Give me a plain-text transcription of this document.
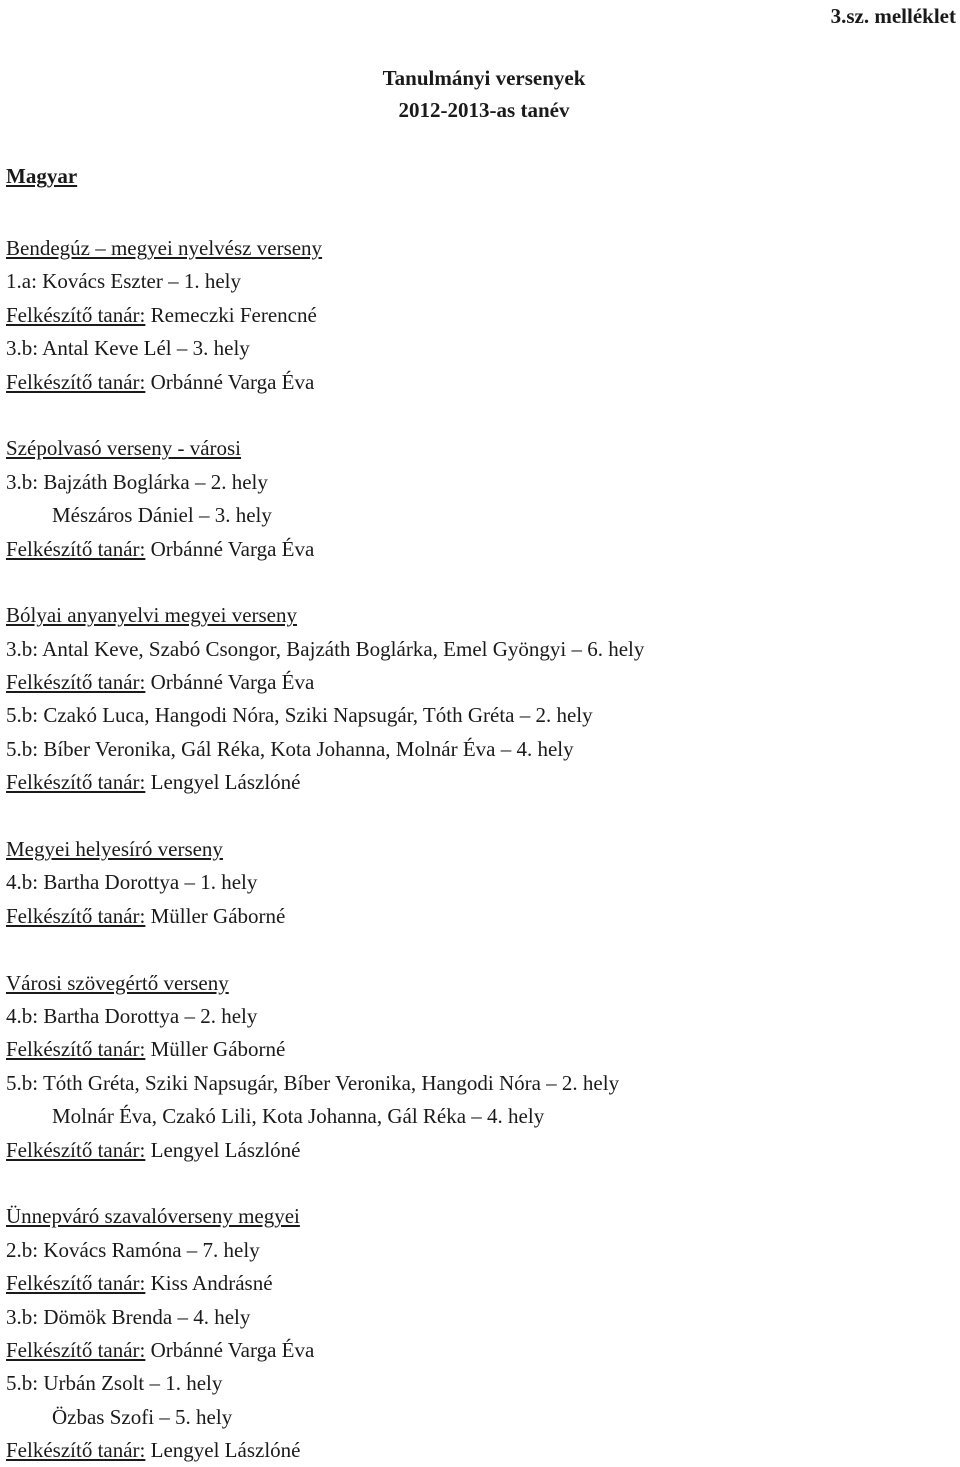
3.sz. melléklet
Tanulmányi versenyek
2012-2013-as tanév
Magyar
Bendegúz – megyei nyelvész verseny
1.a: Kovács Eszter – 1. hely
Felkészítő tanár: Remeczki Ferencné
3.b: Antal Keve Lél – 3. hely
Felkészítő tanár: Orbánné Varga Éva
Szépolvasó verseny - városi
3.b: Bajzáth Boglárka – 2. hely
Mészáros Dániel – 3. hely
Felkészítő tanár: Orbánné Varga Éva
Bólyai anyanyelvi megyei verseny
3.b: Antal Keve, Szabó Csongor, Bajzáth Boglárka, Emel Gyöngyi – 6. hely
Felkészítő tanár: Orbánné Varga Éva
5.b: Czakó Luca, Hangodi Nóra, Sziki Napsugár, Tóth Gréta – 2. hely
5.b: Bíber Veronika, Gál Réka, Kota Johanna, Molnár Éva – 4. hely
Felkészítő tanár: Lengyel Lászlóné
Megyei helyesíró verseny
4.b: Bartha Dorottya – 1. hely
Felkészítő tanár: Müller Gáborné
Városi szövegértő verseny
4.b: Bartha Dorottya – 2. hely
Felkészítő tanár: Müller Gáborné
5.b: Tóth Gréta, Sziki Napsugár, Bíber Veronika, Hangodi Nóra – 2. hely
Molnár Éva, Czakó Lili, Kota Johanna, Gál Réka – 4. hely
Felkészítő tanár: Lengyel Lászlóné
Ünnepváró szavalóverseny megyei
2.b: Kovács Ramóna – 7. hely
Felkészítő tanár: Kiss Andrásné
3.b: Dömök Brenda – 4. hely
Felkészítő tanár: Orbánné Varga Éva
5.b: Urbán Zsolt – 1. hely
Özbas Szofi – 5. hely
Felkészítő tanár: Lengyel Lászlóné
